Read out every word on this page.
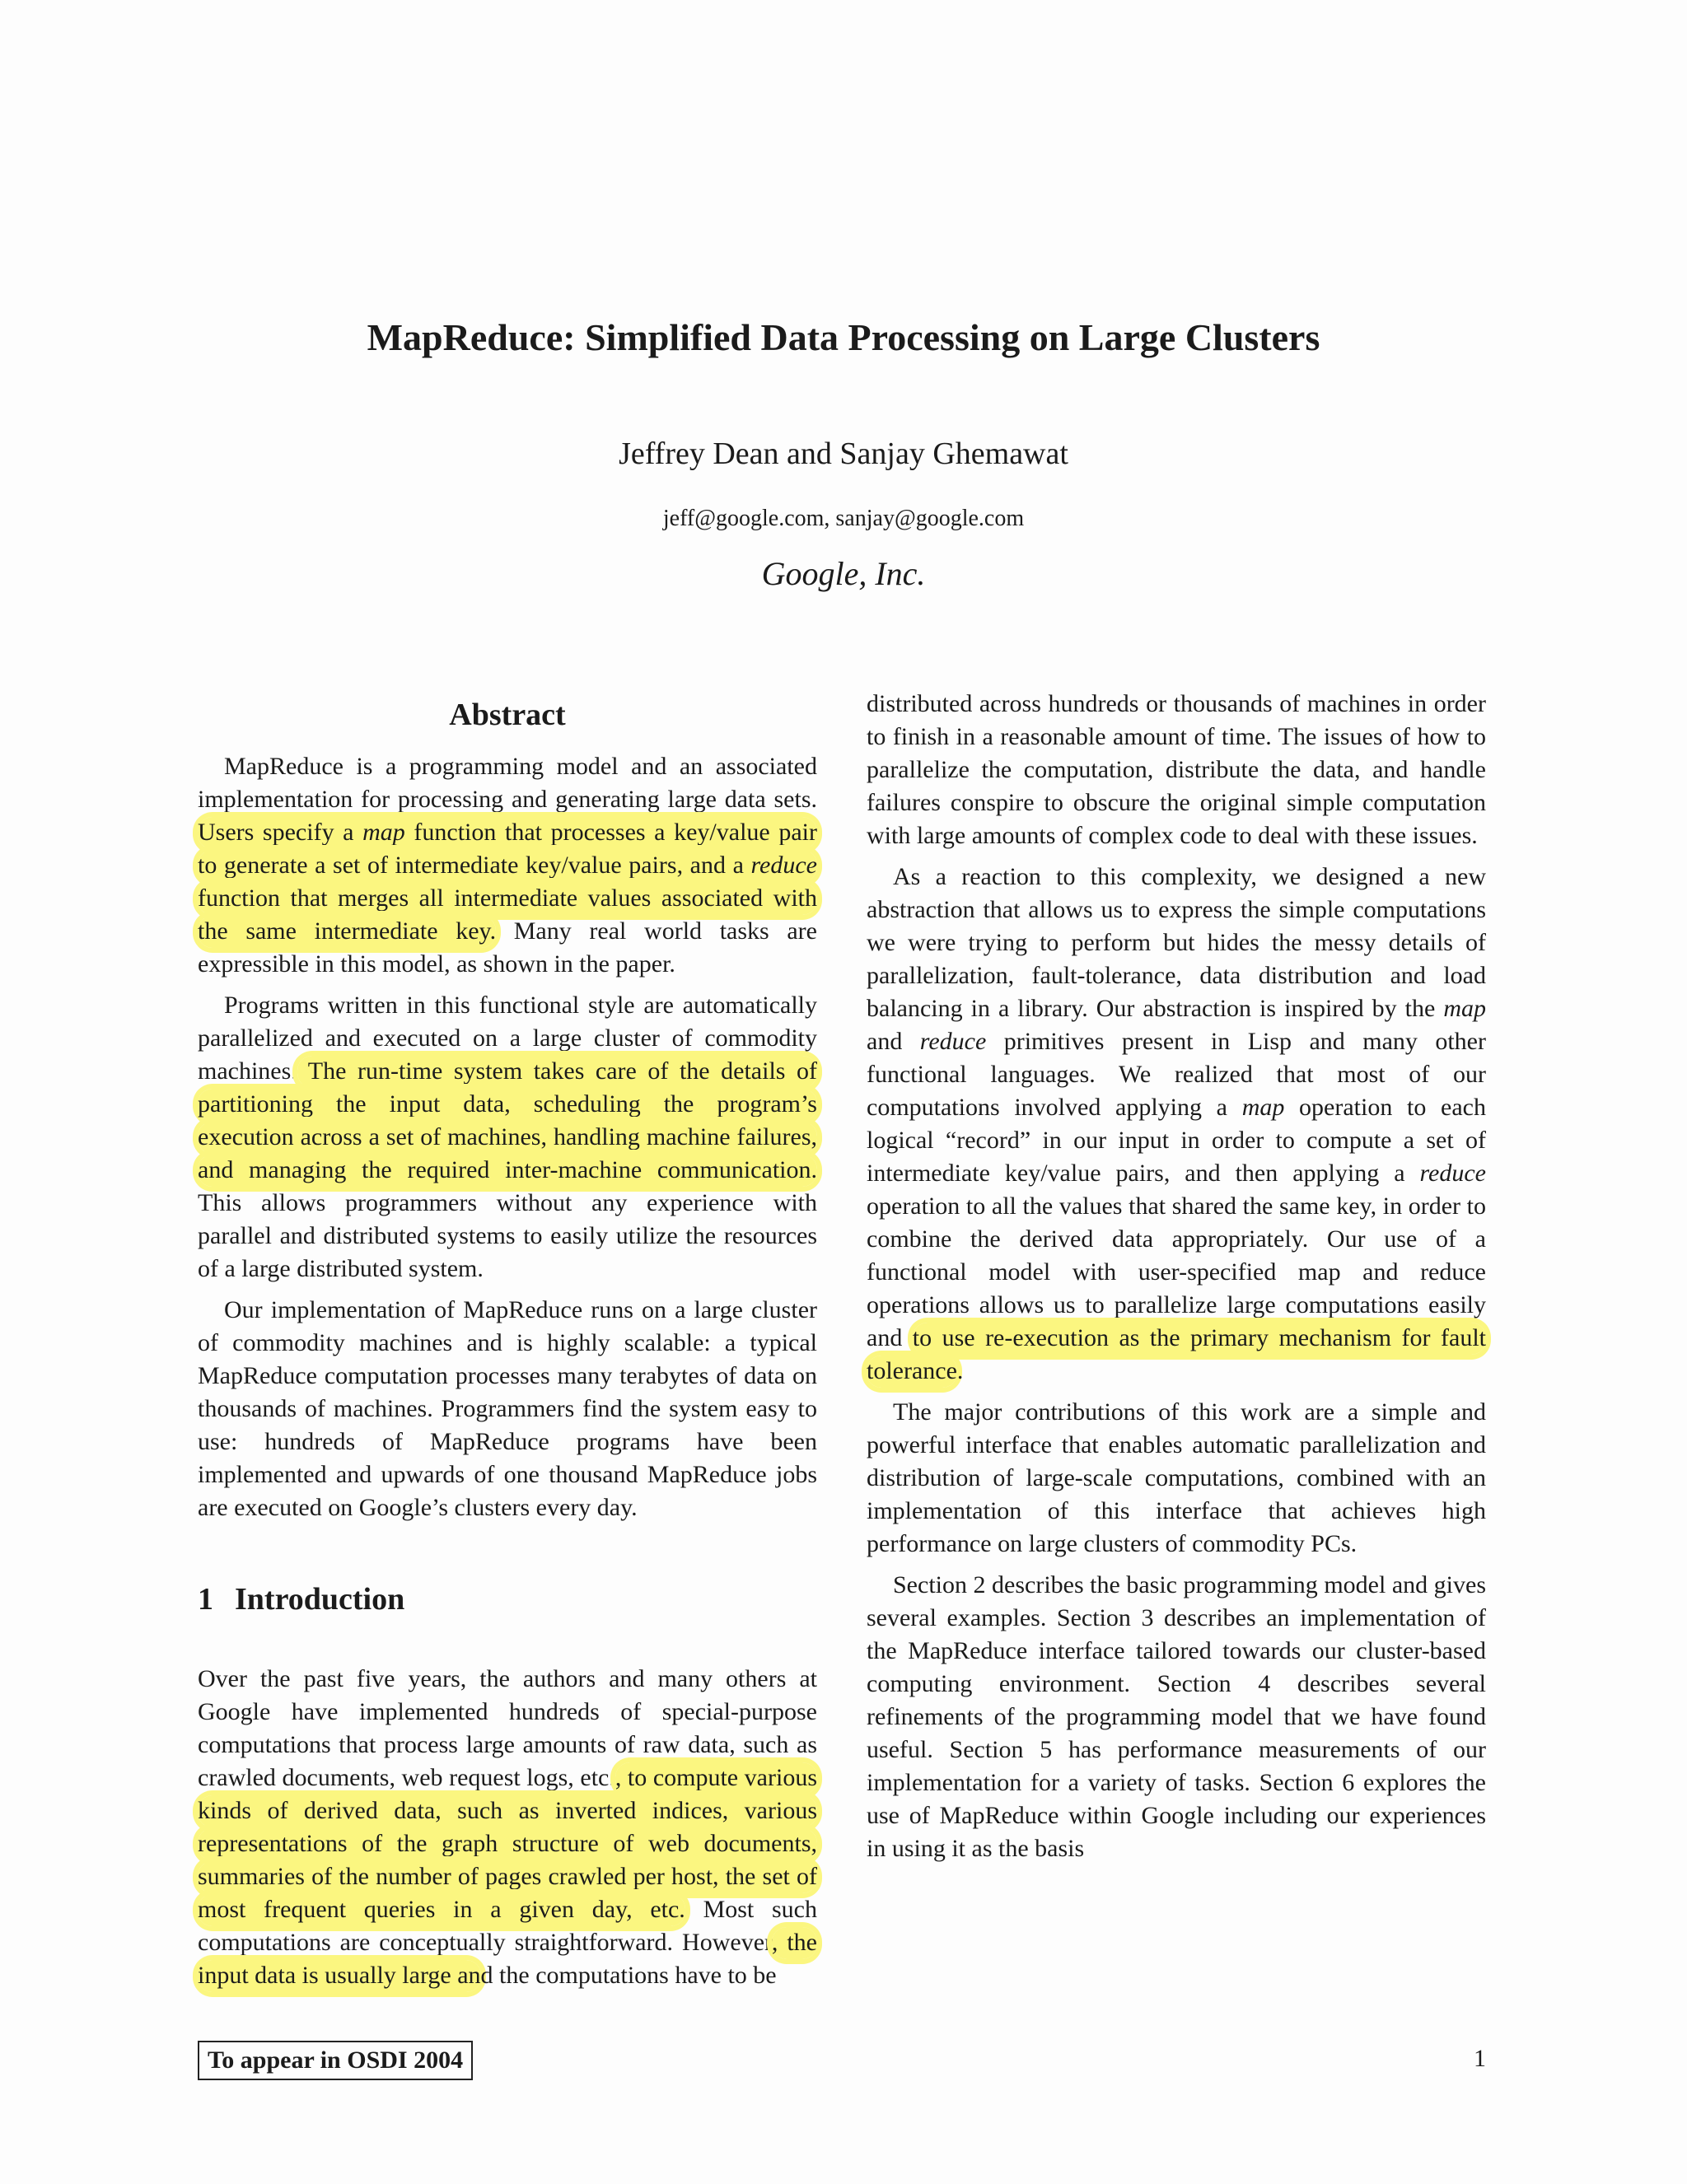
MapReduce: Simplified Data Processing on Large Clusters
Jeffrey Dean and Sanjay Ghemawat
jeff@google.com, sanjay@google.com
Google, Inc.
Abstract

MapReduce is a programming model and an associated implementation for processing and generating large data sets. Users specify a map function that processes a key/value pair to generate a set of intermediate key/value pairs, and a reduce function that merges all intermediate values associated with the same intermediate key. Many real world tasks are expressible in this model, as shown in the paper.

Programs written in this functional style are automatically parallelized and executed on a large cluster of commodity machines. The run-time system takes care of the details of partitioning the input data, scheduling the program’s execution across a set of machines, handling machine failures, and managing the required inter-machine communication. This allows programmers without any experience with parallel and distributed systems to easily utilize the resources of a large distributed system.

Our implementation of MapReduce runs on a large cluster of commodity machines and is highly scalable: a typical MapReduce computation processes many terabytes of data on thousands of machines. Programmers find the system easy to use: hundreds of MapReduce programs have been implemented and upwards of one thousand MapReduce jobs are executed on Google’s clusters every day.

1 Introduction

Over the past five years, the authors and many others at Google have implemented hundreds of special-purpose computations that process large amounts of raw data, such as crawled documents, web request logs, etc., to compute various kinds of derived data, such as inverted indices, various representations of the graph structure of web documents, summaries of the number of pages crawled per host, the set of most frequent queries in a given day, etc. Most such computations are conceptually straightforward. However, the input data is usually large and the computations have to be

distributed across hundreds or thousands of machines in order to finish in a reasonable amount of time. The issues of how to parallelize the computation, distribute the data, and handle failures conspire to obscure the original simple computation with large amounts of complex code to deal with these issues.

As a reaction to this complexity, we designed a new abstraction that allows us to express the simple computations we were trying to perform but hides the messy details of parallelization, fault-tolerance, data distribution and load balancing in a library. Our abstraction is inspired by the map and reduce primitives present in Lisp and many other functional languages. We realized that most of our computations involved applying a map operation to each logical “record” in our input in order to compute a set of intermediate key/value pairs, and then applying a reduce operation to all the values that shared the same key, in order to combine the derived data appropriately. Our use of a functional model with user-specified map and reduce operations allows us to parallelize large computations easily and to use re-execution as the primary mechanism for fault tolerance.

The major contributions of this work are a simple and powerful interface that enables automatic parallelization and distribution of large-scale computations, combined with an implementation of this interface that achieves high performance on large clusters of commodity PCs.

Section 2 describes the basic programming model and gives several examples. Section 3 describes an implementation of the MapReduce interface tailored towards our cluster-based computing environment. Section 4 describes several refinements of the programming model that we have found useful. Section 5 has performance measurements of our implementation for a variety of tasks. Section 6 explores the use of MapReduce within Google including our experiences in using it as the basis

To appear in OSDI 2004	1
